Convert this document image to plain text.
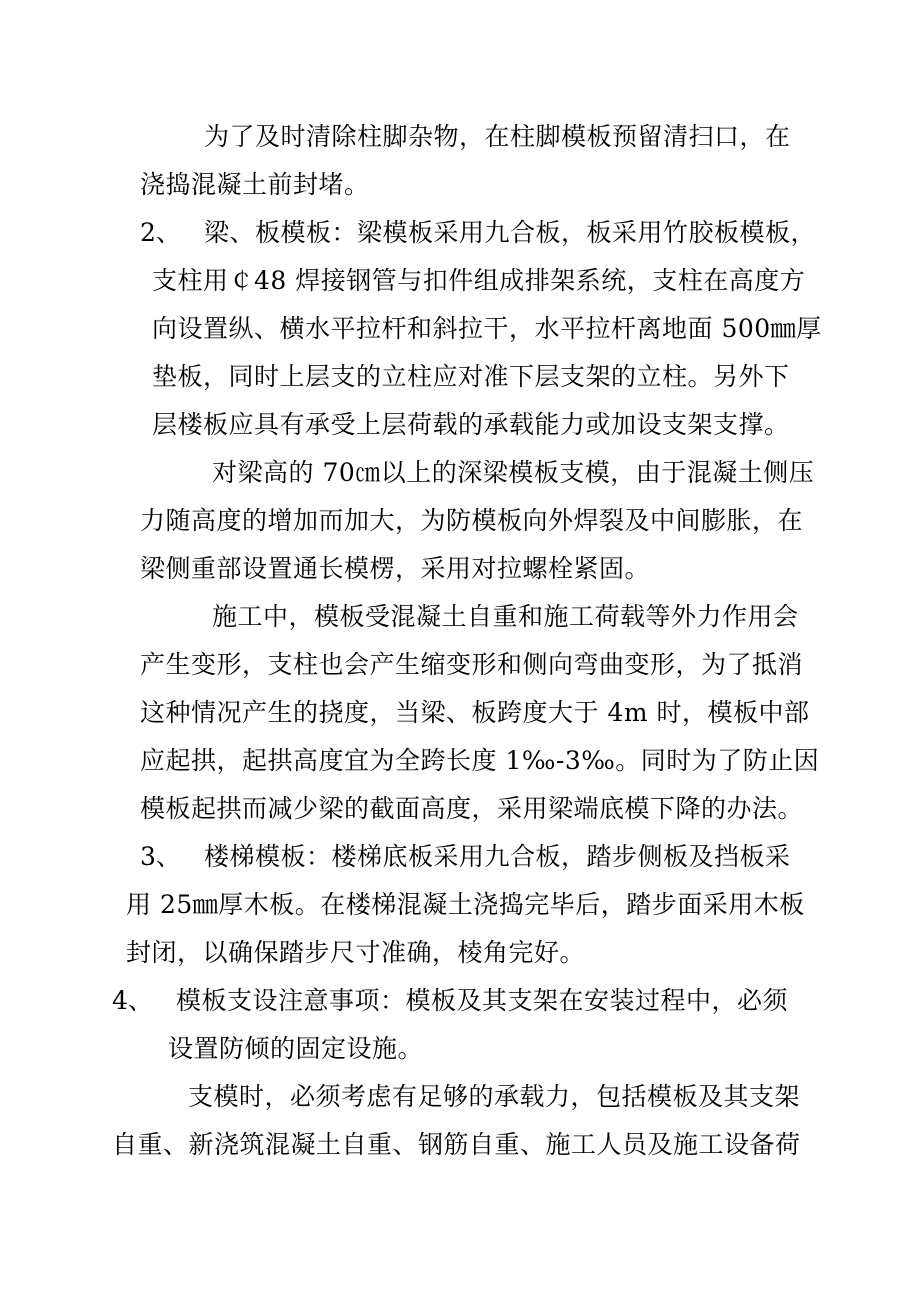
为了及时清除柱脚杂物，在柱脚模板预留清扫口，在
浇捣混凝土前封堵。
2、 梁、板模板：梁模板采用九合板，板采用竹胶板模板，
支柱用￠48 焊接钢管与扣件组成排架系统，支柱在高度方
向设置纵、横水平拉杆和斜拉干，水平拉杆离地面 500㎜厚
垫板，同时上层支的立柱应对准下层支架的立柱。另外下
层楼板应具有承受上层荷载的承载能力或加设支架支撑。
对梁高的 70㎝以上的深梁模板支模，由于混凝土侧压
力随高度的增加而加大，为防模板向外焊裂及中间膨胀，在
梁侧重部设置通长模楞，采用对拉螺栓紧固。
施工中，模板受混凝土自重和施工荷载等外力作用会
产生变形，支柱也会产生缩变形和侧向弯曲变形，为了抵消
这种情况产生的挠度，当梁、板跨度大于 4m 时，模板中部
应起拱，起拱高度宜为全跨长度 1‰-3‰。同时为了防止因
模板起拱而减少梁的截面高度，采用梁端底模下降的办法。
3、 楼梯模板：楼梯底板采用九合板，踏步侧板及挡板采
用 25㎜厚木板。在楼梯混凝土浇捣完毕后，踏步面采用木板
封闭，以确保踏步尺寸准确，棱角完好。
4、 模板支设注意事项：模板及其支架在安装过程中，必须
设置防倾的固定设施。
支模时，必须考虑有足够的承载力，包括模板及其支架
自重、新浇筑混凝土自重、钢筋自重、施工人员及施工设备荷
